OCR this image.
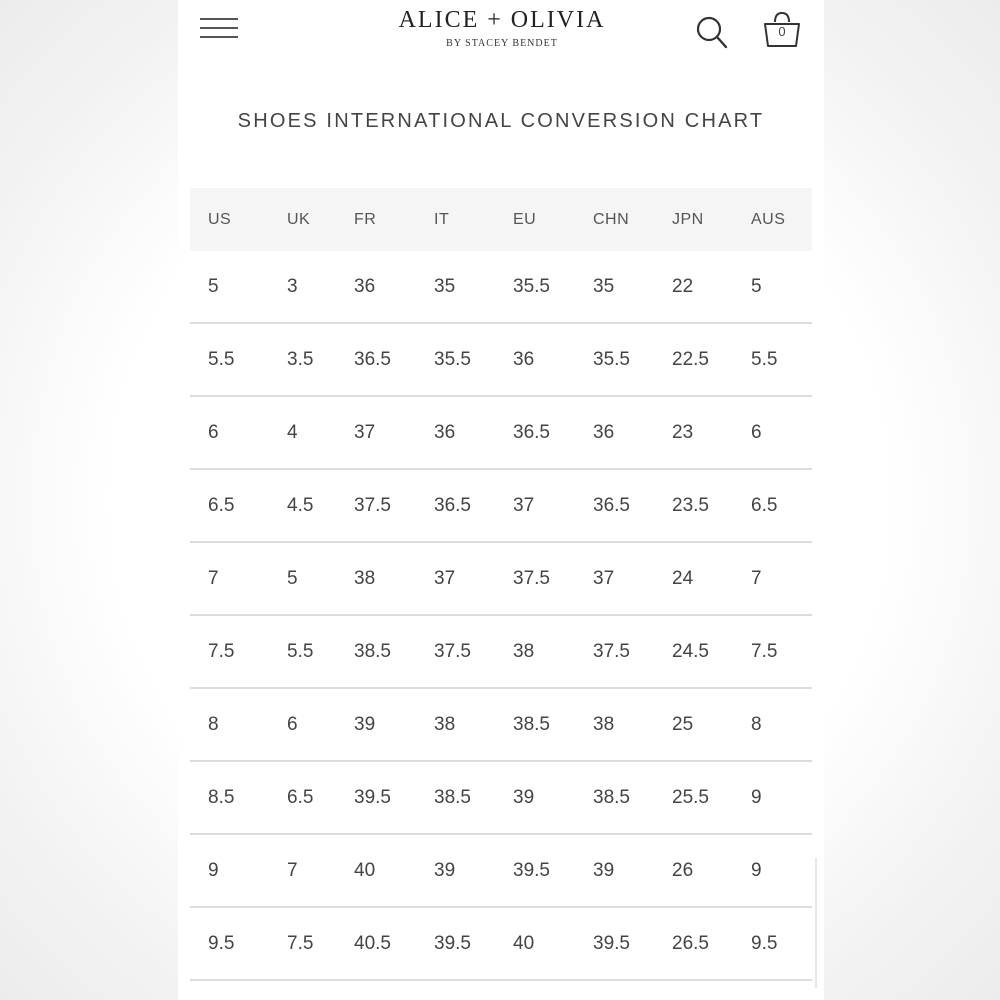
ALICE + OLIVIA
BY STACEY BENDET
0
SHOES INTERNATIONAL CONVERSION CHART
US	UK	FR	IT	EU	CHN	JPN	AUS
5	3	36	35	35.5	35	22	5
5.5	3.5	36.5	35.5	36	35.5	22.5	5.5
6	4	37	36	36.5	36	23	6
6.5	4.5	37.5	36.5	37	36.5	23.5	6.5
7	5	38	37	37.5	37	24	7
7.5	5.5	38.5	37.5	38	37.5	24.5	7.5
8	6	39	38	38.5	38	25	8
8.5	6.5	39.5	38.5	39	38.5	25.5	9
9	7	40	39	39.5	39	26	9
9.5	7.5	40.5	39.5	40	39.5	26.5	9.5
